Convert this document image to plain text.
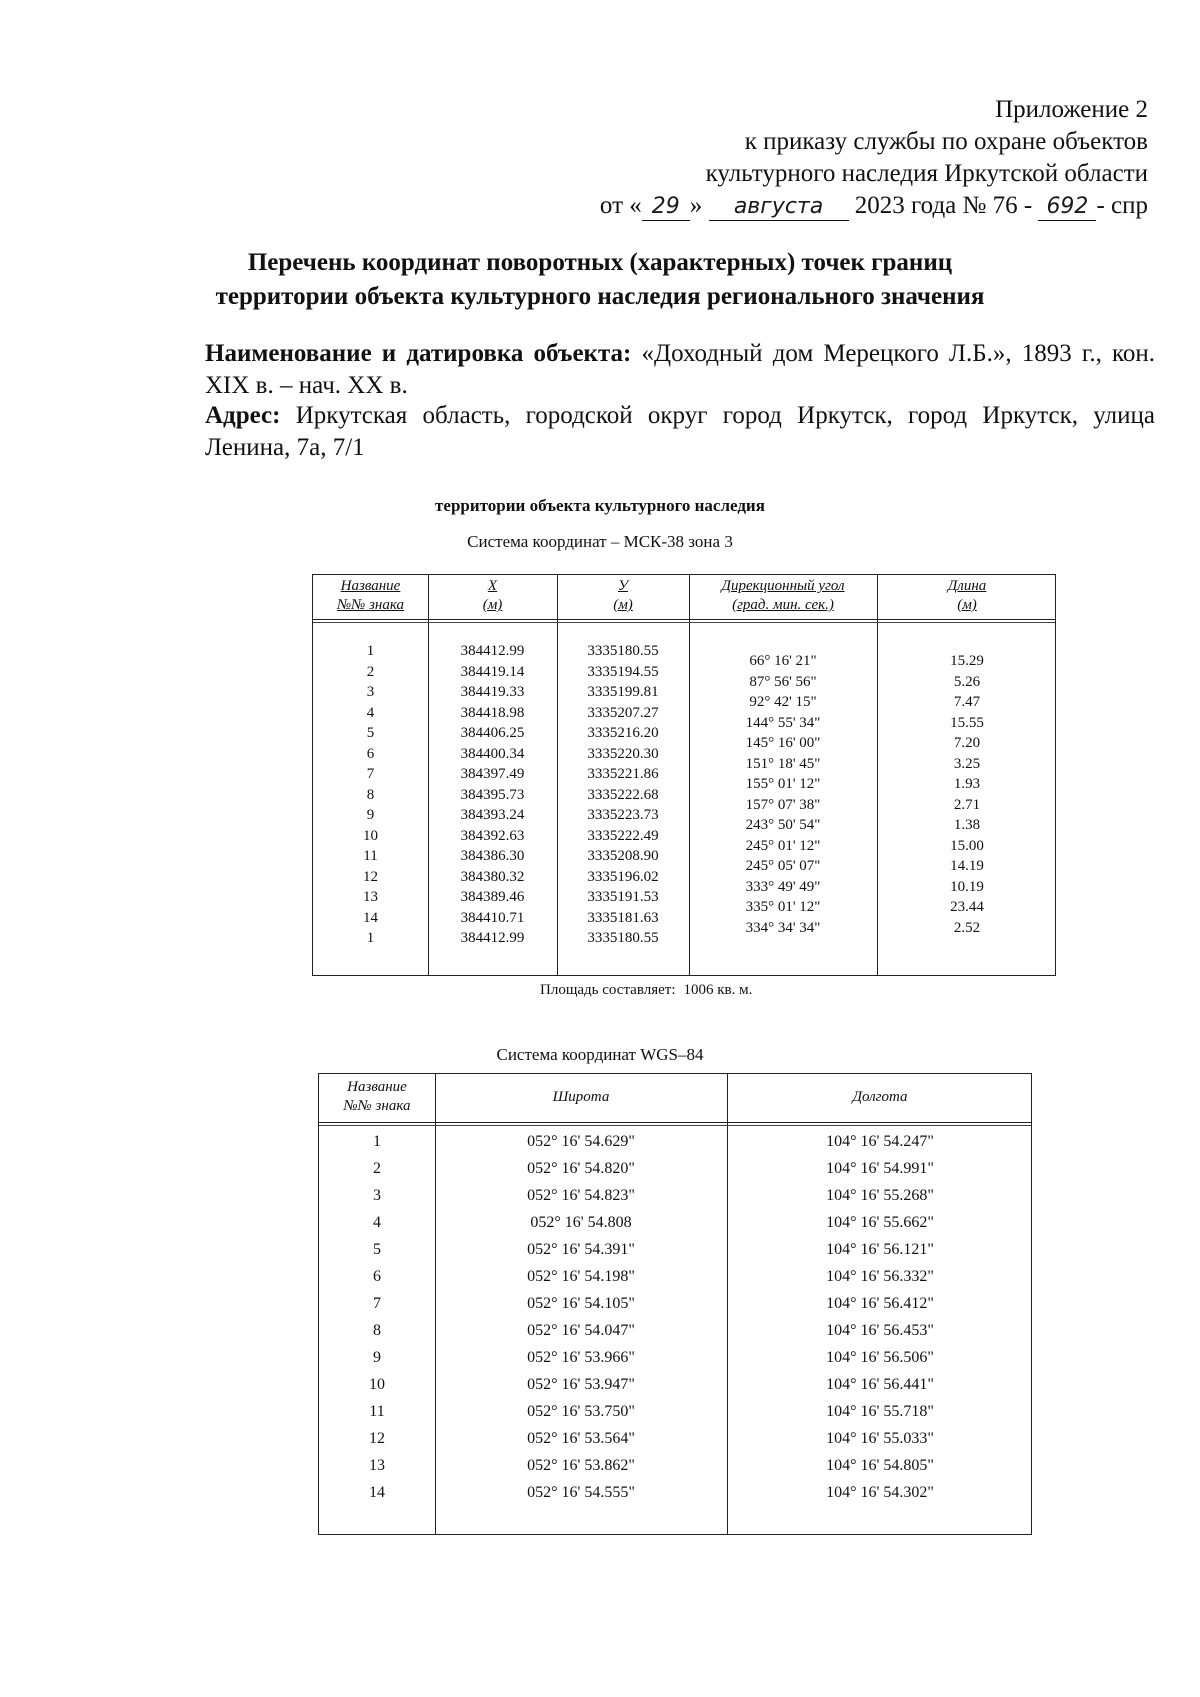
Приложение 2
к приказу службы по охране объектов
культурного наследия Иркутской области
от « 29 » августа 2023 года № 76 - 692 - спр
Перечень координат поворотных (характерных) точек границ
территории объекта культурного наследия регионального значения
Наименование и датировка объекта: «Доходный дом Мерецкого Л.Б.», 1893 г., кон. XIX в. – нач. XX в.
Адрес: Иркутская область, городской округ город Иркутск, город Иркутск, улица Ленина, 7а, 7/1
территории объекта культурного наследия
Система координат – МСК-38 зона 3
Название
№№ знака
X
(м)
У
(м)
Дирекционный угол
(град. мин. сек.)
Длина
(м)
1
2
3
4
5
6
7
8
9
10
11
12
13
14
1
384412.99
384419.14
384419.33
384418.98
384406.25
384400.34
384397.49
384395.73
384393.24
384392.63
384386.30
384380.32
384389.46
384410.71
384412.99
3335180.55
3335194.55
3335199.81
3335207.27
3335216.20
3335220.30
3335221.86
3335222.68
3335223.73
3335222.49
3335208.90
3335196.02
3335191.53
3335181.63
3335180.55
66° 16' 21"
87° 56' 56"
92° 42' 15"
144° 55' 34"
145° 16' 00"
151° 18' 45"
155° 01' 12"
157° 07' 38"
243° 50' 54"
245° 01' 12"
245° 05' 07"
333° 49' 49"
335° 01' 12"
334° 34' 34"
15.29
5.26
7.47
15.55
7.20
3.25
1.93
2.71
1.38
15.00
14.19
10.19
23.44
2.52
Площадь составляет: 1006 кв. м.
Система координат WGS–84
Название
№№ знака
Широта	Долгота
1
2
3
4
5
6
7
8
9
10
11
12
13
14
052° 16' 54.629"
052° 16' 54.820"
052° 16' 54.823"
052° 16' 54.808
052° 16' 54.391"
052° 16' 54.198"
052° 16' 54.105"
052° 16' 54.047"
052° 16' 53.966"
052° 16' 53.947"
052° 16' 53.750"
052° 16' 53.564"
052° 16' 53.862"
052° 16' 54.555"
104° 16' 54.247"
104° 16' 54.991"
104° 16' 55.268"
104° 16' 55.662"
104° 16' 56.121"
104° 16' 56.332"
104° 16' 56.412"
104° 16' 56.453"
104° 16' 56.506"
104° 16' 56.441"
104° 16' 55.718"
104° 16' 55.033"
104° 16' 54.805"
104° 16' 54.302"
